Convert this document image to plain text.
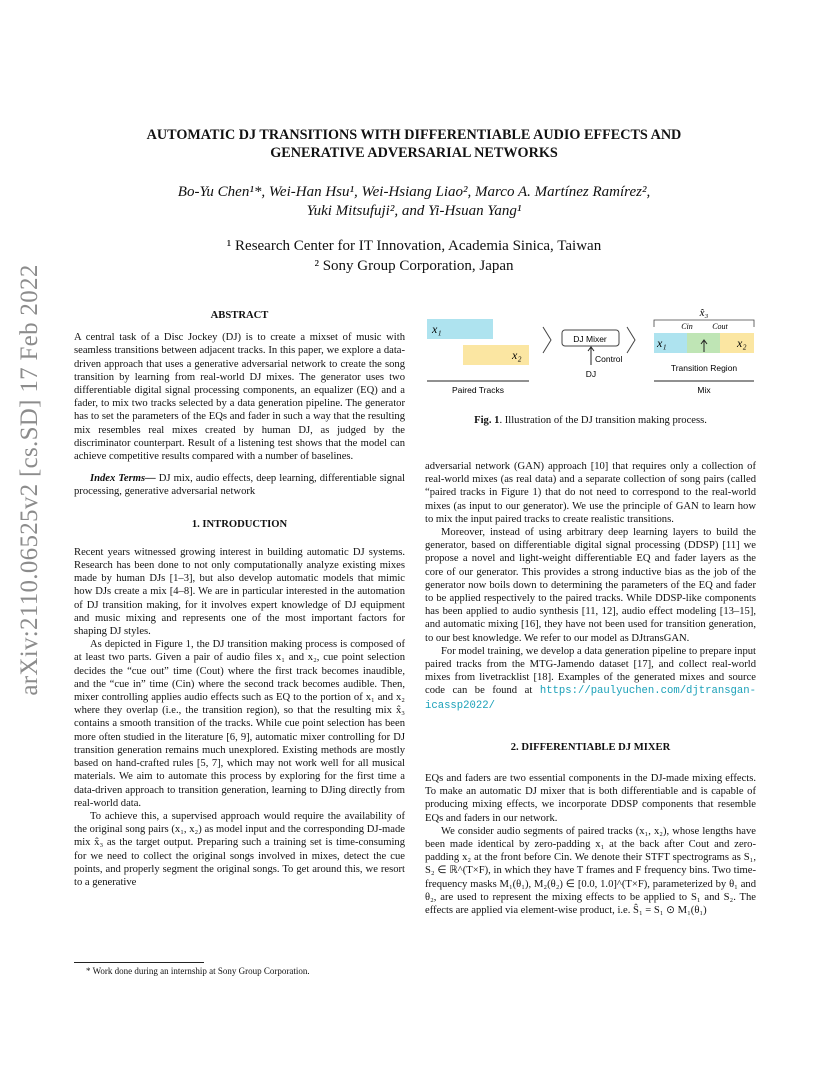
arXiv:2110.06525v2 [cs.SD] 17 Feb 2022
AUTOMATIC DJ TRANSITIONS WITH DIFFERENTIABLE AUDIO EFFECTS AND
GENERATIVE ADVERSARIAL NETWORKS
Bo-Yu Chen¹*, Wei-Han Hsu¹, Wei-Hsiang Liao², Marco A. Martínez Ramírez²,
Yuki Mitsufuji², and Yi-Hsuan Yang¹
¹ Research Center for IT Innovation, Academia Sinica, Taiwan
² Sony Group Corporation, Japan
ABSTRACT

A central task of a Disc Jockey (DJ) is to create a mixset of music with seamless transitions between adjacent tracks. In this paper, we explore a data-driven approach that uses a generative adversarial network to create the song transition by learning from real-world DJ mixes. The generator uses two differentiable digital signal processing components, an equalizer (EQ) and a fader, to mix two tracks selected by a data generation pipeline. The generator has to set the parameters of the EQs and fader in such a way that the resulting mix resembles real mixes created by human DJ, as judged by the discriminator counterpart. Result of a listening test shows that the model can achieve competitive results compared with a number of baselines.

Index Terms— DJ mix, audio effects, deep learning, differentiable signal processing, generative adversarial network

1. INTRODUCTION

Recent years witnessed growing interest in building automatic DJ systems. Research has been done to not only computationally analyze existing mixes made by human DJs [1–3], but also develop automatic models that mimic how DJs create a mix [4–8]. We are in particular interested in the automation of DJ transition making, for it involves expert knowledge of DJ equipment and music mixing and represents one of the most important factors for shaping DJ styles.

As depicted in Figure 1, the DJ transition making process is composed of at least two parts. Given a pair of audio files x₁ and x₂, cue point selection decides the “cue out” time (Cout) where the first track becomes inaudible, and the “cue in” time (Cin) where the second track becomes audible. Then, mixer controlling applies audio effects such as EQ to the portion of x₁ and x₂ where they overlap (i.e., the transition region), so that the resulting mix x̂₃ contains a smooth transition of the tracks. While cue point selection has been more often studied in the literature [6, 9], automatic mixer controlling for DJ transition generation remains much unexplored. Existing methods are mostly based on hand-crafted rules [5, 7], which may not work well for all musical materials. We aim to automate this process by exploring for the first time a data-driven approach to transition generation, learning to DJing directly from real-world data.

To achieve this, a supervised approach would require the availability of the original song pairs (x₁, x₂) as model input and the corresponding DJ-made mix x̂₃ as the target output. Preparing such a training set is time-consuming for we need to collect the original songs involved in mixes, detect the cue points, and properly segment the original songs. To get around this, we resort to a generative

* Work done during an internship at Sony Group Corporation.
x₁
x₂
Paired Tracks
DJ Mixer
Control
DJ
x̂₃
Cin Cout
x₁	x₂
Transition Region
Mix
Fig. 1. Illustration of the DJ transition making process.

adversarial network (GAN) approach [10] that requires only a collection of real-world mixes (as real data) and a separate collection of song pairs (called “paired tracks in Figure 1) that do not need to correspond to the real-world mixes (as input to our generator). We use the principle of GAN to learn how to mix the input paired tracks to create realistic transitions.

Moreover, instead of using arbitrary deep learning layers to build the generator, based on differentiable digital signal processing (DDSP) [11] we propose a novel and light-weight differentiable EQ and fader layers as the core of our generator. This provides a strong inductive bias as the job of the generator now boils down to determining the parameters of the EQ and fader to be applied respectively to the paired tracks. While DDSP-like components has been applied to audio synthesis [11, 12], audio effect modeling [13–15], and automatic mixing [16], they have not been used for transition generation, to our best knowledge. We refer to our model as DJtransGAN.

For model training, we develop a data generation pipeline to prepare input paired tracks from the MTG-Jamendo dataset [17], and collect real-world mixes from livetracklist [18]. Examples of the generated mixes and source code can be found at https://paulyuchen.com/djtransgan-icassp2022/

2. DIFFERENTIABLE DJ MIXER

EQs and faders are two essential components in the DJ-made mixing effects. To make an automatic DJ mixer that is both differentiable and is capable of producing mixing effects, we incorporate DDSP components that resemble EQs and faders in our network.

We consider audio segments of paired tracks (x₁, x₂), whose lengths have been made identical by zero-padding x₁ at the back after Cout and zero-padding x₂ at the front before Cin. We denote their STFT spectrograms as S₁, S₂ ∈ ℝ^(T×F), in which they have T frames and F frequency bins. Two time-frequency masks M₁(θ₁), M₂(θ₂) ∈ [0.0, 1.0]^(T×F), parameterized by θ₁ and θ₂, are used to represent the mixing effects to be applied to S₁ and S₂. The effects are applied via element-wise product, i.e. Ŝ₁ = S₁ ⊙ M₁(θ₁)
